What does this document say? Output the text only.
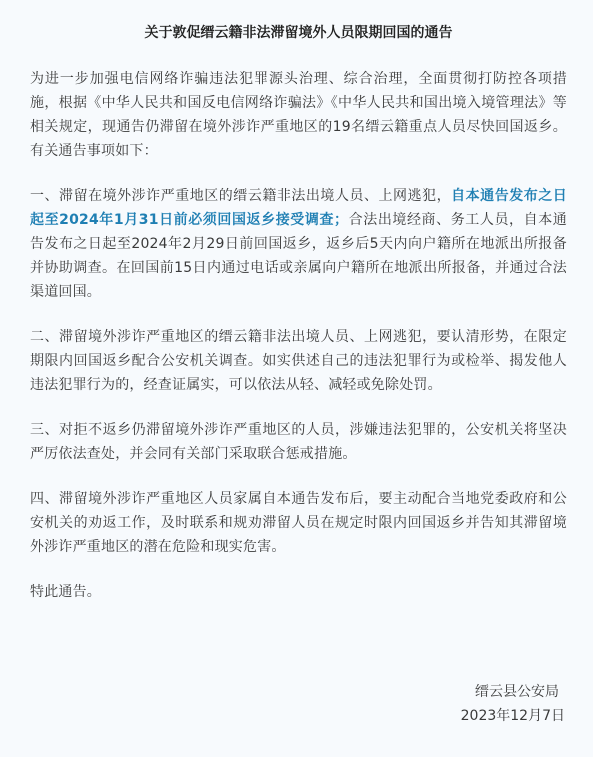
关于敦促缙云籍非法滞留境外人员限期回国的通告

为进一步加强电信网络诈骗违法犯罪源头治理、综合治理，全面贯彻打防控各项措施，根据《中华人民共和国反电信网络诈骗法》《中华人民共和国出境入境管理法》等相关规定，现通告仍滞留在境外涉诈严重地区的19名缙云籍重点人员尽快回国返乡。有关通告事项如下：

一、滞留在境外涉诈严重地区的缙云籍非法出境人员、上网逃犯，自本通告发布之日起至2024年1月31日前必须回国返乡接受调查；合法出境经商、务工人员，自本通告发布之日起至2024年2月29日前回国返乡，返乡后5天内向户籍所在地派出所报备并协助调查。在回国前15日内通过电话或亲属向户籍所在地派出所报备，并通过合法渠道回国。

二、滞留境外涉诈严重地区的缙云籍非法出境人员、上网逃犯，要认清形势，在限定期限内回国返乡配合公安机关调查。如实供述自己的违法犯罪行为或检举、揭发他人违法犯罪行为的，经查证属实，可以依法从轻、减轻或免除处罚。

三、对拒不返乡仍滞留境外涉诈严重地区的人员，涉嫌违法犯罪的，公安机关将坚决严厉依法查处，并会同有关部门采取联合惩戒措施。

四、滞留境外涉诈严重地区人员家属自本通告发布后，要主动配合当地党委政府和公安机关的劝返工作，及时联系和规劝滞留人员在规定时限内回国返乡并告知其滞留境外涉诈严重地区的潜在危险和现实危害。

特此通告。

缙云县公安局
2023年12月7日
